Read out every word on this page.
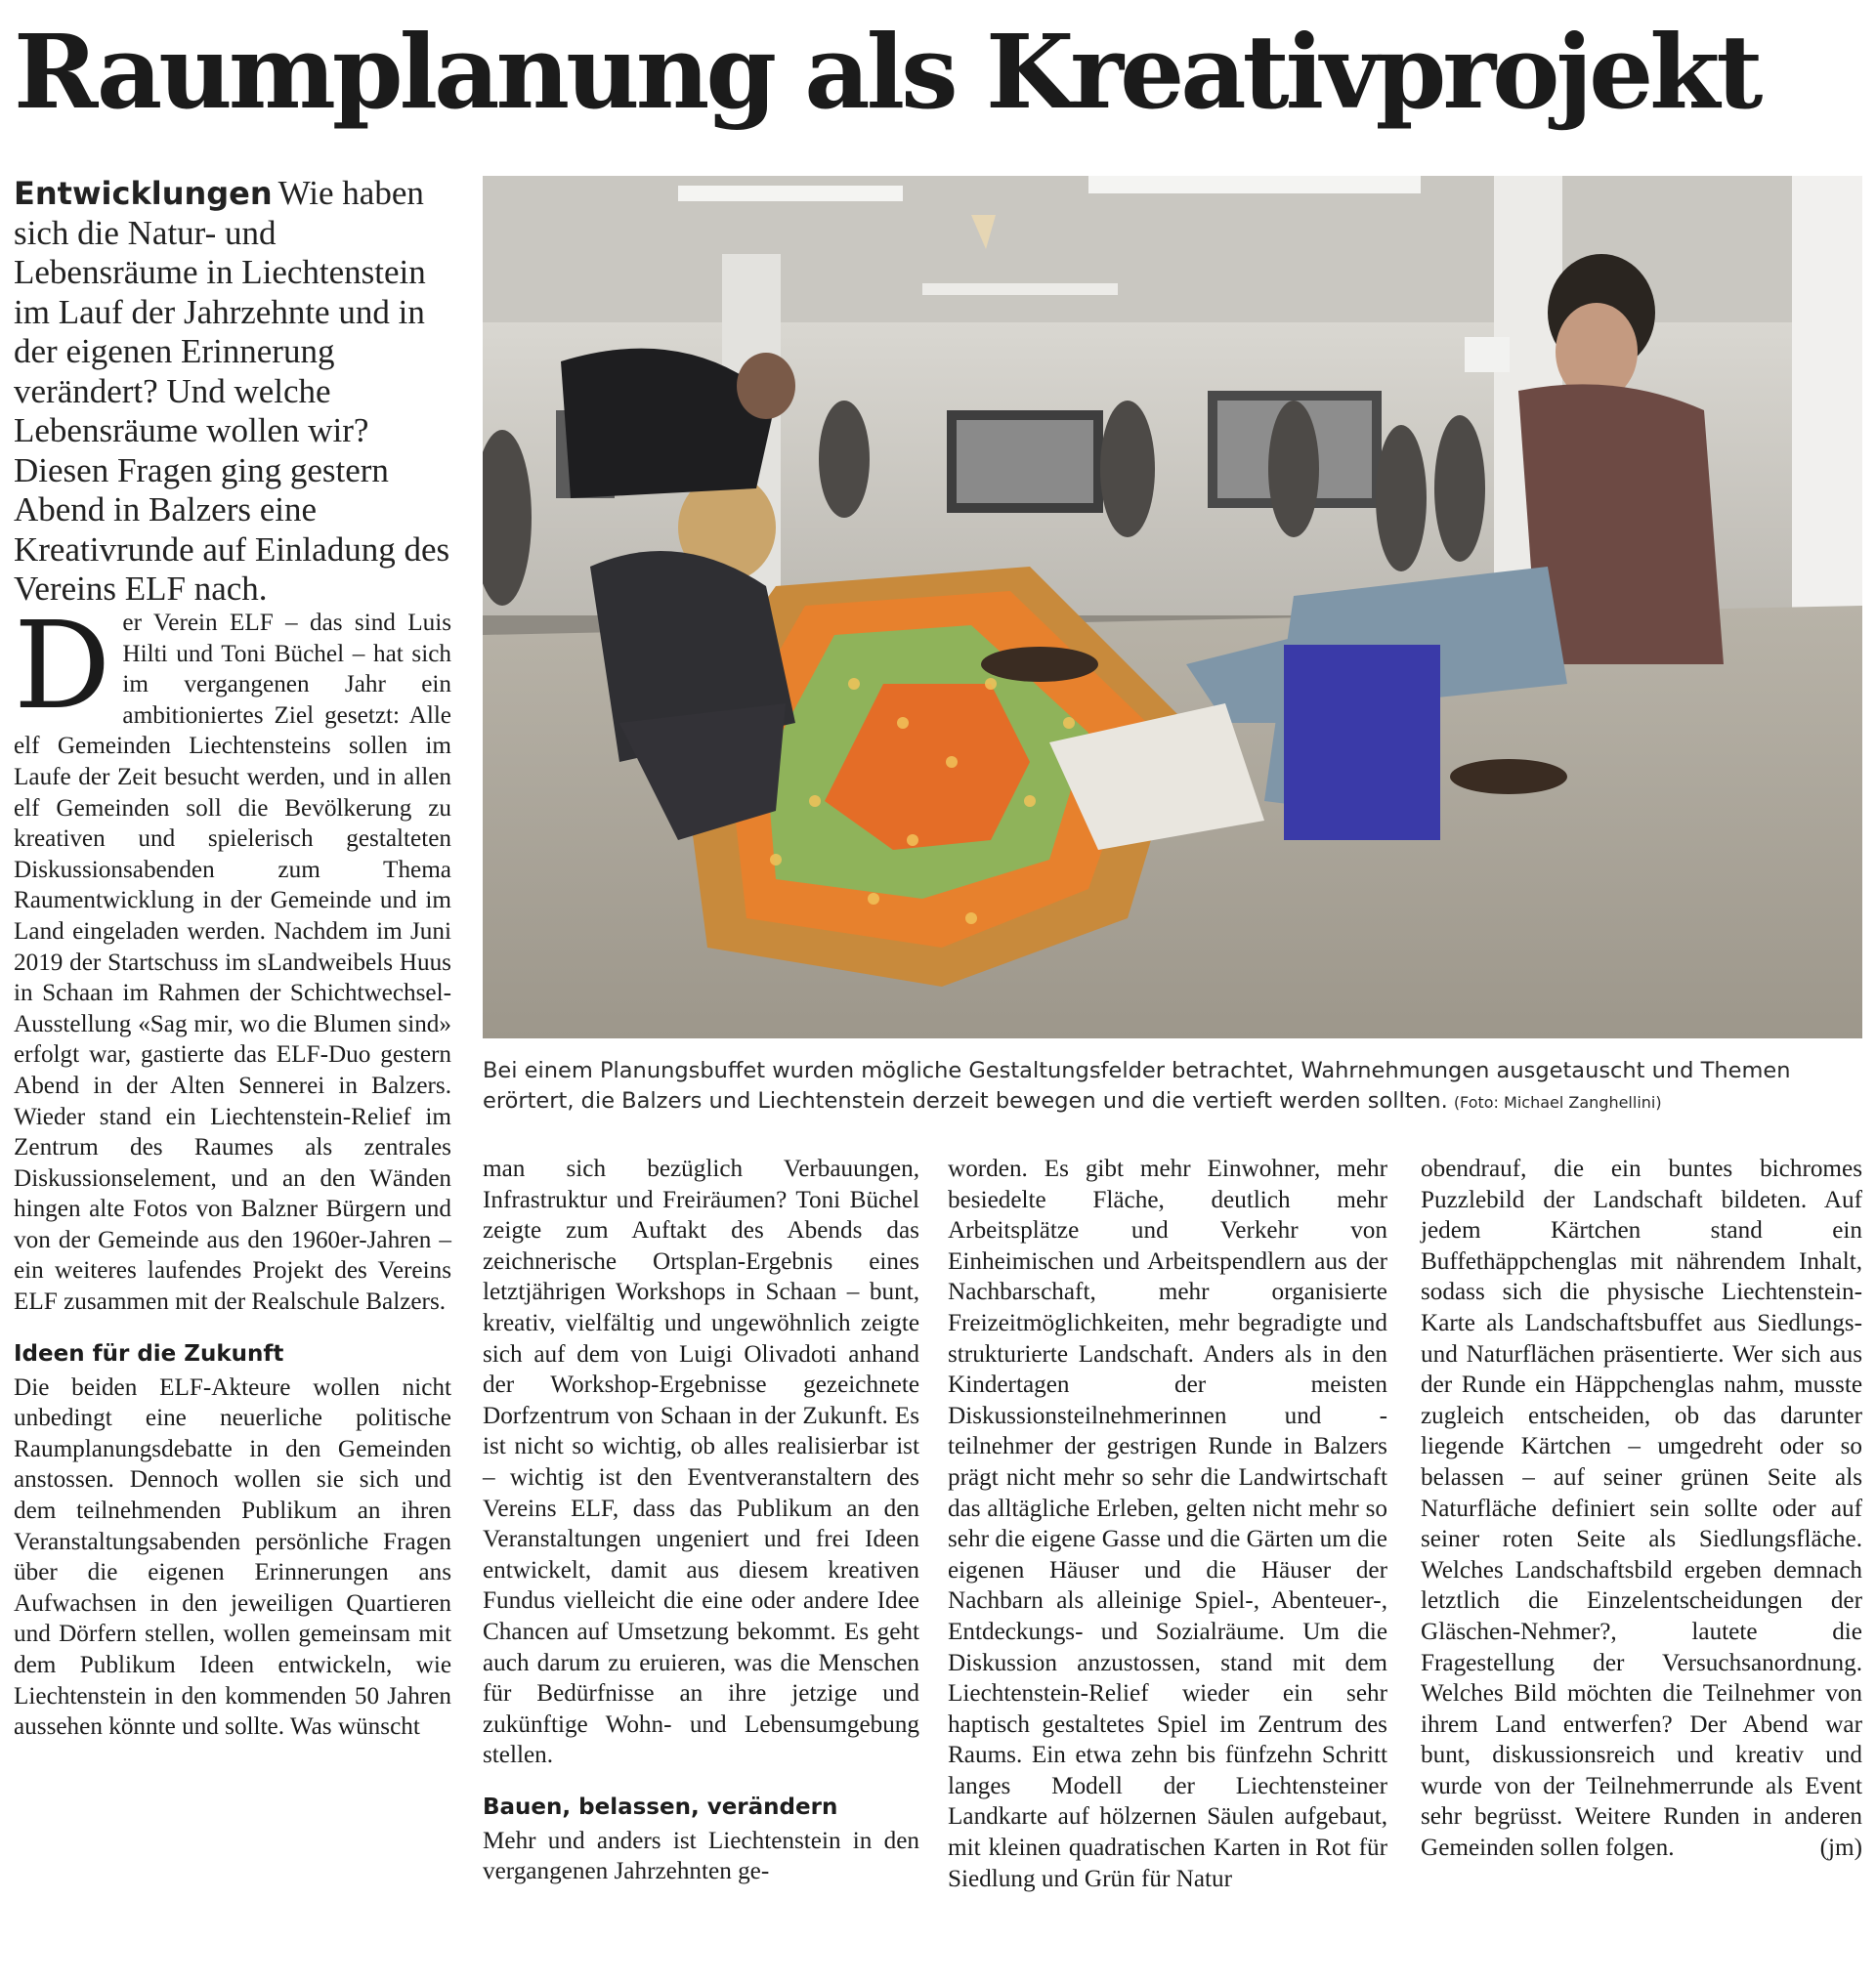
Raumplanung als Kreativprojekt
Entwicklungen Wie haben sich die Natur- und Lebensräume in Liechtenstein im Lauf der Jahrzehnte und in der eigenen Erinnerung verändert? Und welche Lebensräume wollen wir? Diesen Fragen ging gestern Abend in Balzers eine Kreativrunde auf Einladung des Vereins ELF nach.
Bei einem Planungsbuffet wurden mögliche Gestaltungsfelder betrachtet, Wahrnehmungen ausgetauscht und Themen erörtert, die Balzers und Liechtenstein derzeit bewegen und die vertieft werden sollten. (Foto: Michael Zanghellini)
D er Verein ELF – das sind Luis Hilti und Toni Büchel – hat sich im vergangenen Jahr ein ambitioniertes Ziel gesetzt: Alle elf Gemeinden Liechtensteins sollen im Laufe der Zeit besucht werden, und in allen elf Gemeinden soll die Bevölkerung zu kreativen und spielerisch gestalteten Diskussionsabenden zum Thema Raumentwicklung in der Gemeinde und im Land eingeladen werden. Nachdem im Juni 2019 der Startschuss im sLandweibels Huus in Schaan im Rahmen der Schichtwechsel-Ausstellung «Sag mir, wo die Blumen sind» erfolgt war, gastierte das ELF-Duo gestern Abend in der Alten Sennerei in Balzers. Wieder stand ein Liechtenstein-Relief im Zentrum des Raumes als zentrales Diskussionselement, und an den Wänden hingen alte Fotos von Balzner Bürgern und von der Gemeinde aus den 1960er-Jahren – ein weiteres laufendes Projekt des Vereins ELF zusammen mit der Realschule Balzers.

Ideen für die Zukunft

Die beiden ELF-Akteure wollen nicht unbedingt eine neuerliche politische Raumplanungsdebatte in den Gemeinden anstossen. Dennoch wollen sie sich und dem teilnehmenden Publikum an ihren Veranstaltungsabenden persönliche Fragen über die eigenen Erinnerungen ans Aufwachsen in den jeweiligen Quartieren und Dörfern stellen, wollen gemeinsam mit dem Publikum Ideen entwickeln, wie Liechtenstein in den kommenden 50 Jahren aussehen könnte und sollte. Was wünscht

man sich bezüglich Verbauungen, Infrastruktur und Freiräumen? Toni Büchel zeigte zum Auftakt des Abends das zeichnerische Ortsplan-Ergebnis eines letztjährigen Workshops in Schaan – bunt, kreativ, vielfältig und ungewöhnlich zeigte sich auf dem von Luigi Olivadoti anhand der Workshop-Ergebnisse gezeichnete Dorfzentrum von Schaan in der Zukunft. Es ist nicht so wichtig, ob alles realisierbar ist – wichtig ist den Eventveranstaltern des Vereins ELF, dass das Publikum an den Veranstaltungen ungeniert und frei Ideen entwickelt, damit aus diesem kreativen Fundus vielleicht die eine oder andere Idee Chancen auf Umsetzung bekommt. Es geht auch darum zu eruieren, was die Menschen für Bedürfnisse an ihre jetzige und zukünftige Wohn- und Lebensumgebung stellen.

Bauen, belassen, verändern

Mehr und anders ist Liechtenstein in den vergangenen Jahrzehnten ge-

worden. Es gibt mehr Einwohner, mehr besiedelte Fläche, deutlich mehr Arbeitsplätze und Verkehr von Einheimischen und Arbeitspendlern aus der Nachbarschaft, mehr organisierte Freizeitmöglichkeiten, mehr begradigte und strukturierte Landschaft. Anders als in den Kindertagen der meisten Diskussionsteilnehmerinnen und -teilnehmer der gestrigen Runde in Balzers prägt nicht mehr so sehr die Landwirtschaft das alltägliche Erleben, gelten nicht mehr so sehr die eigene Gasse und die Gärten um die eigenen Häuser und die Häuser der Nachbarn als alleinige Spiel-, Abenteuer-, Entdeckungs- und Sozialräume. Um die Diskussion anzustossen, stand mit dem Liechtenstein-Relief wieder ein sehr haptisch gestaltetes Spiel im Zentrum des Raums. Ein etwa zehn bis fünfzehn Schritt langes Modell der Liechtensteiner Landkarte auf hölzernen Säulen aufgebaut, mit kleinen quadratischen Karten in Rot für Siedlung und Grün für Natur

obendrauf, die ein buntes bichromes Puzzlebild der Landschaft bildeten. Auf jedem Kärtchen stand ein Buffethäppchenglas mit nährendem Inhalt, sodass sich die physische Liechtenstein-Karte als Landschaftsbuffet aus Siedlungs- und Naturflächen präsentierte. Wer sich aus der Runde ein Häppchenglas nahm, musste zugleich entscheiden, ob das darunter liegende Kärtchen – umgedreht oder so belassen – auf seiner grünen Seite als Naturfläche definiert sein sollte oder auf seiner roten Seite als Siedlungsfläche. Welches Landschaftsbild ergeben demnach letztlich die Einzelentscheidungen der Gläschen-Nehmer?, lautete die Fragestellung der Versuchsanordnung. Welches Bild möchten die Teilnehmer von ihrem Land entwerfen? Der Abend war bunt, diskussionsreich und kreativ und wurde von der Teilnehmerrunde als Event sehr begrüsst. Weitere Runden in anderen Gemeinden sollen folgen.	(jm)
